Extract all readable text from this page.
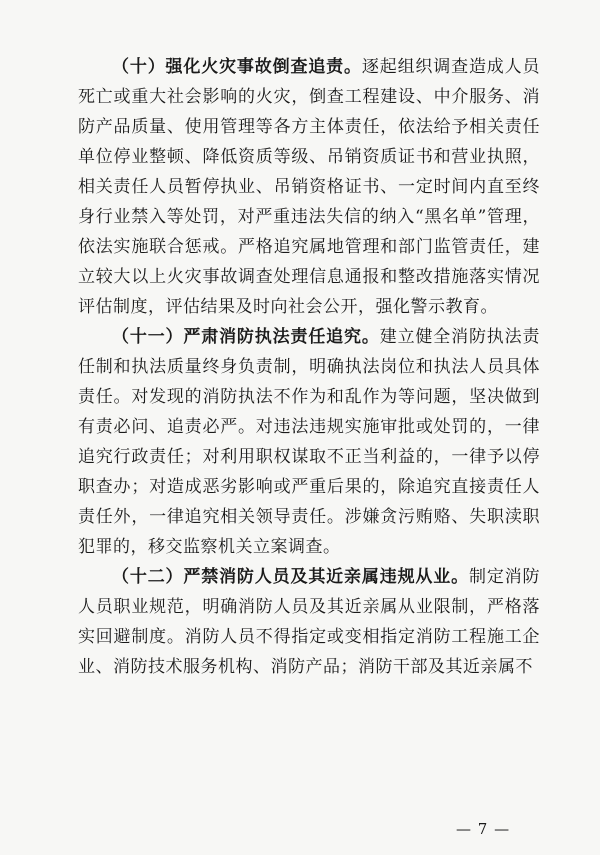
（十）强化火灾事故倒查追责。逐起组织调查造成人员死亡或重大社会影响的火灾，倒查工程建设、中介服务、消防产品质量、使用管理等各方主体责任，依法给予相关责任单位停业整顿、降低资质等级、吊销资质证书和营业执照，相关责任人员暂停执业、吊销资格证书、一定时间内直至终身行业禁入等处罚，对严重违法失信的纳入“黑名单”管理，依法实施联合惩戒。严格追究属地管理和部门监管责任，建立较大以上火灾事故调查处理信息通报和整改措施落实情况评估制度，评估结果及时向社会公开，强化警示教育。

（十一）严肃消防执法责任追究。建立健全消防执法责任制和执法质量终身负责制，明确执法岗位和执法人员具体责任。对发现的消防执法不作为和乱作为等问题，坚决做到有责必问、追责必严。对违法违规实施审批或处罚的，一律追究行政责任；对利用职权谋取不正当利益的，一律予以停职查办；对造成恶劣影响或严重后果的，除追究直接责任人责任外，一律追究相关领导责任。涉嫌贪污贿赂、失职渎职犯罪的，移交监察机关立案调查。

（十二）严禁消防人员及其近亲属违规从业。制定消防人员职业规范，明确消防人员及其近亲属从业限制，严格落实回避制度。消防人员不得指定或变相指定消防工程施工企业、消防技术服务机构、消防产品；消防干部及其近亲属不

— 7 —
